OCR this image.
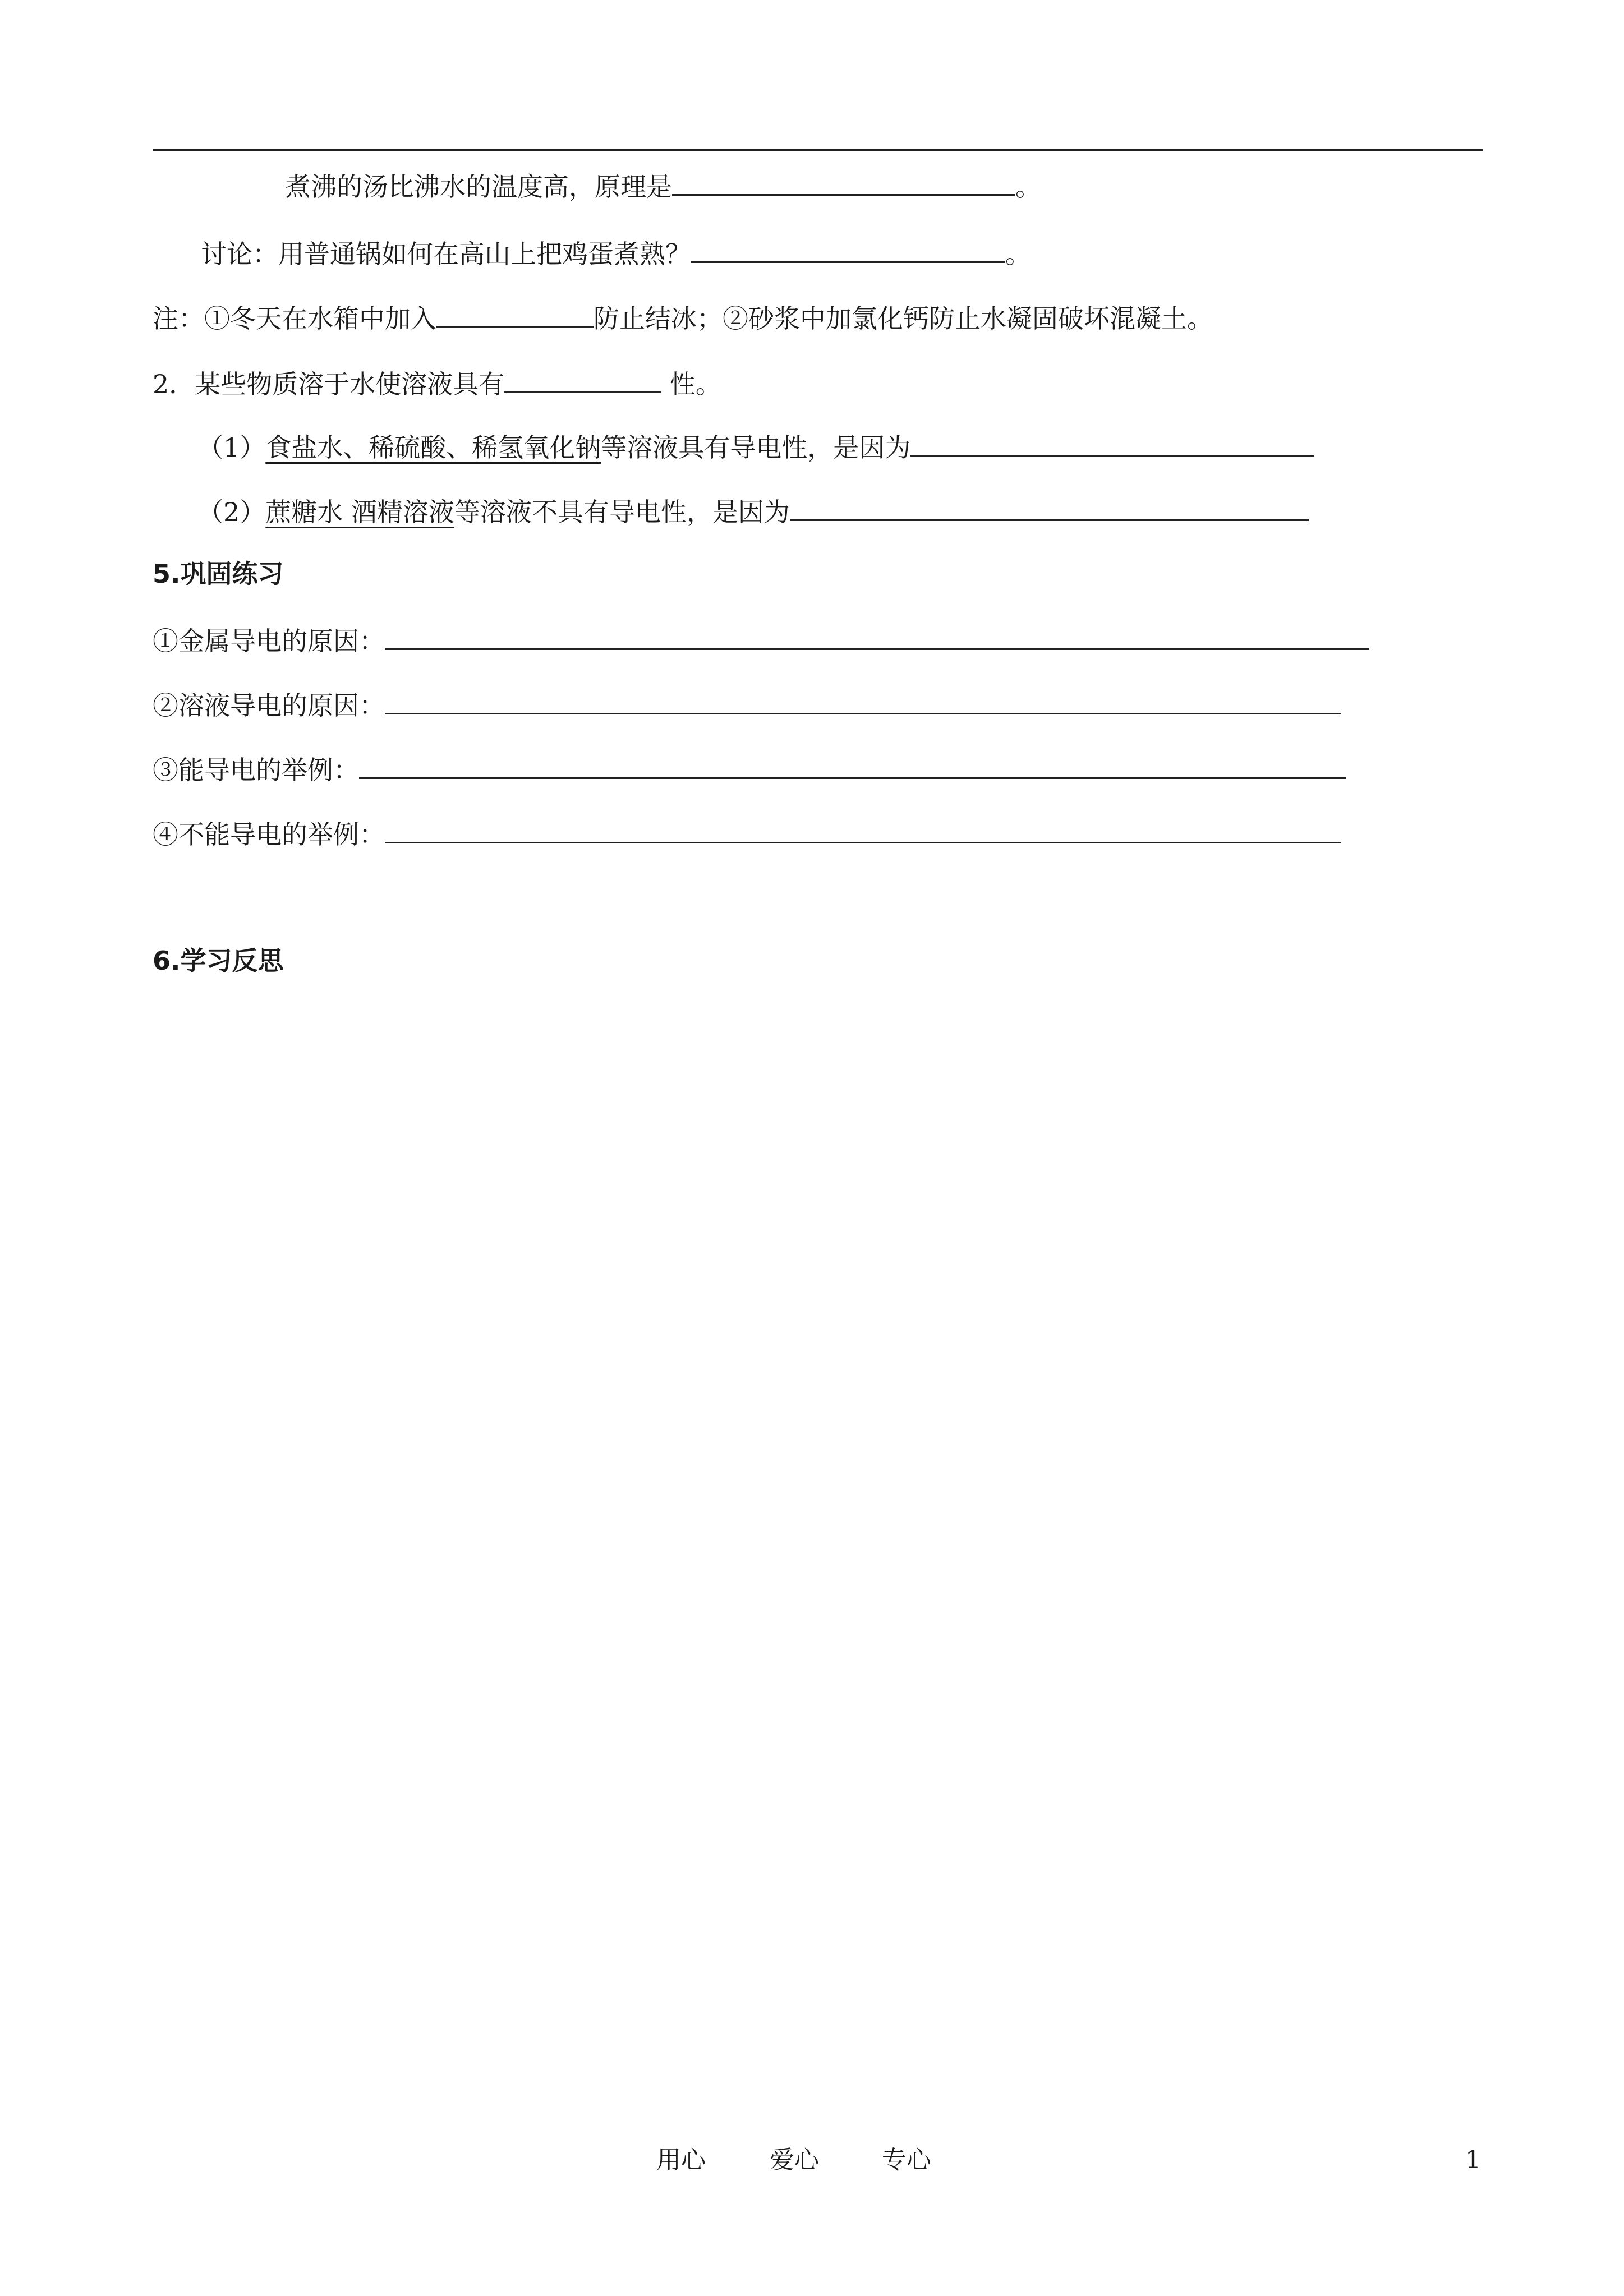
煮沸的汤比沸水的温度高，原理是	。
讨论：用普通锅如何在高山上把鸡蛋煮熟？	。
注：①冬天在水箱中加入	防止结冰；②砂浆中加氯化钙防止水凝固破坏混凝土。
2．某些物质溶于水使溶液具有	性。
（1）食盐水、稀硫酸、稀氢氧化钠等溶液具有导电性，是因为
（2）蔗糖水 酒精溶液等溶液不具有导电性，是因为
5.巩固练习
①金属导电的原因：
②溶液导电的原因：
③能导电的举例：
④不能导电的举例：
6.学习反思
用心	爱心	专心	1
